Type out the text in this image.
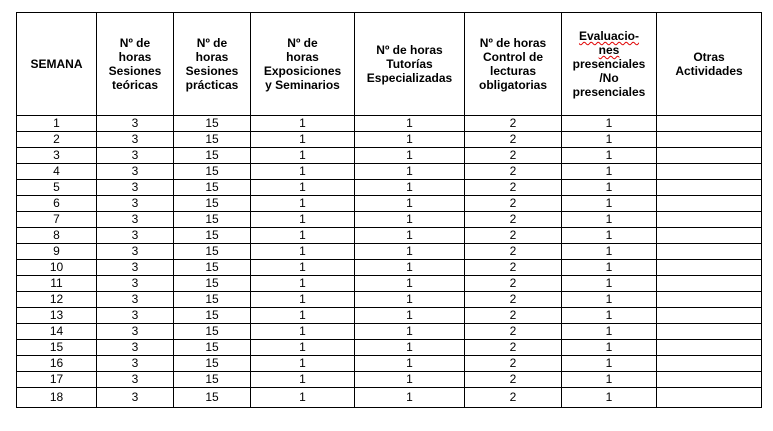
SEMANA	Nº de
horas
Sesiones
teóricas	Nº de
horas
Sesiones
prácticas	Nº de
horas
Exposiciones
y Seminarios	Nº de horas
Tutorías
Especializadas	Nº de horas
Control de
lecturas
obligatorias	Evaluacio-
nes
presenciales
/No
presenciales	Otras
Actividades

1	3	15	1	1	2	1	
2	3	15	1	1	2	1	
3	3	15	1	1	2	1	
4	3	15	1	1	2	1	
5	3	15	1	1	2	1	
6	3	15	1	1	2	1	
7	3	15	1	1	2	1	
8	3	15	1	1	2	1	
9	3	15	1	1	2	1	
10	3	15	1	1	2	1	
11	3	15	1	1	2	1	
12	3	15	1	1	2	1	
13	3	15	1	1	2	1	
14	3	15	1	1	2	1	
15	3	15	1	1	2	1	
16	3	15	1	1	2	1	
17	3	15	1	1	2	1	
18	3	15	1	1	2	1	
